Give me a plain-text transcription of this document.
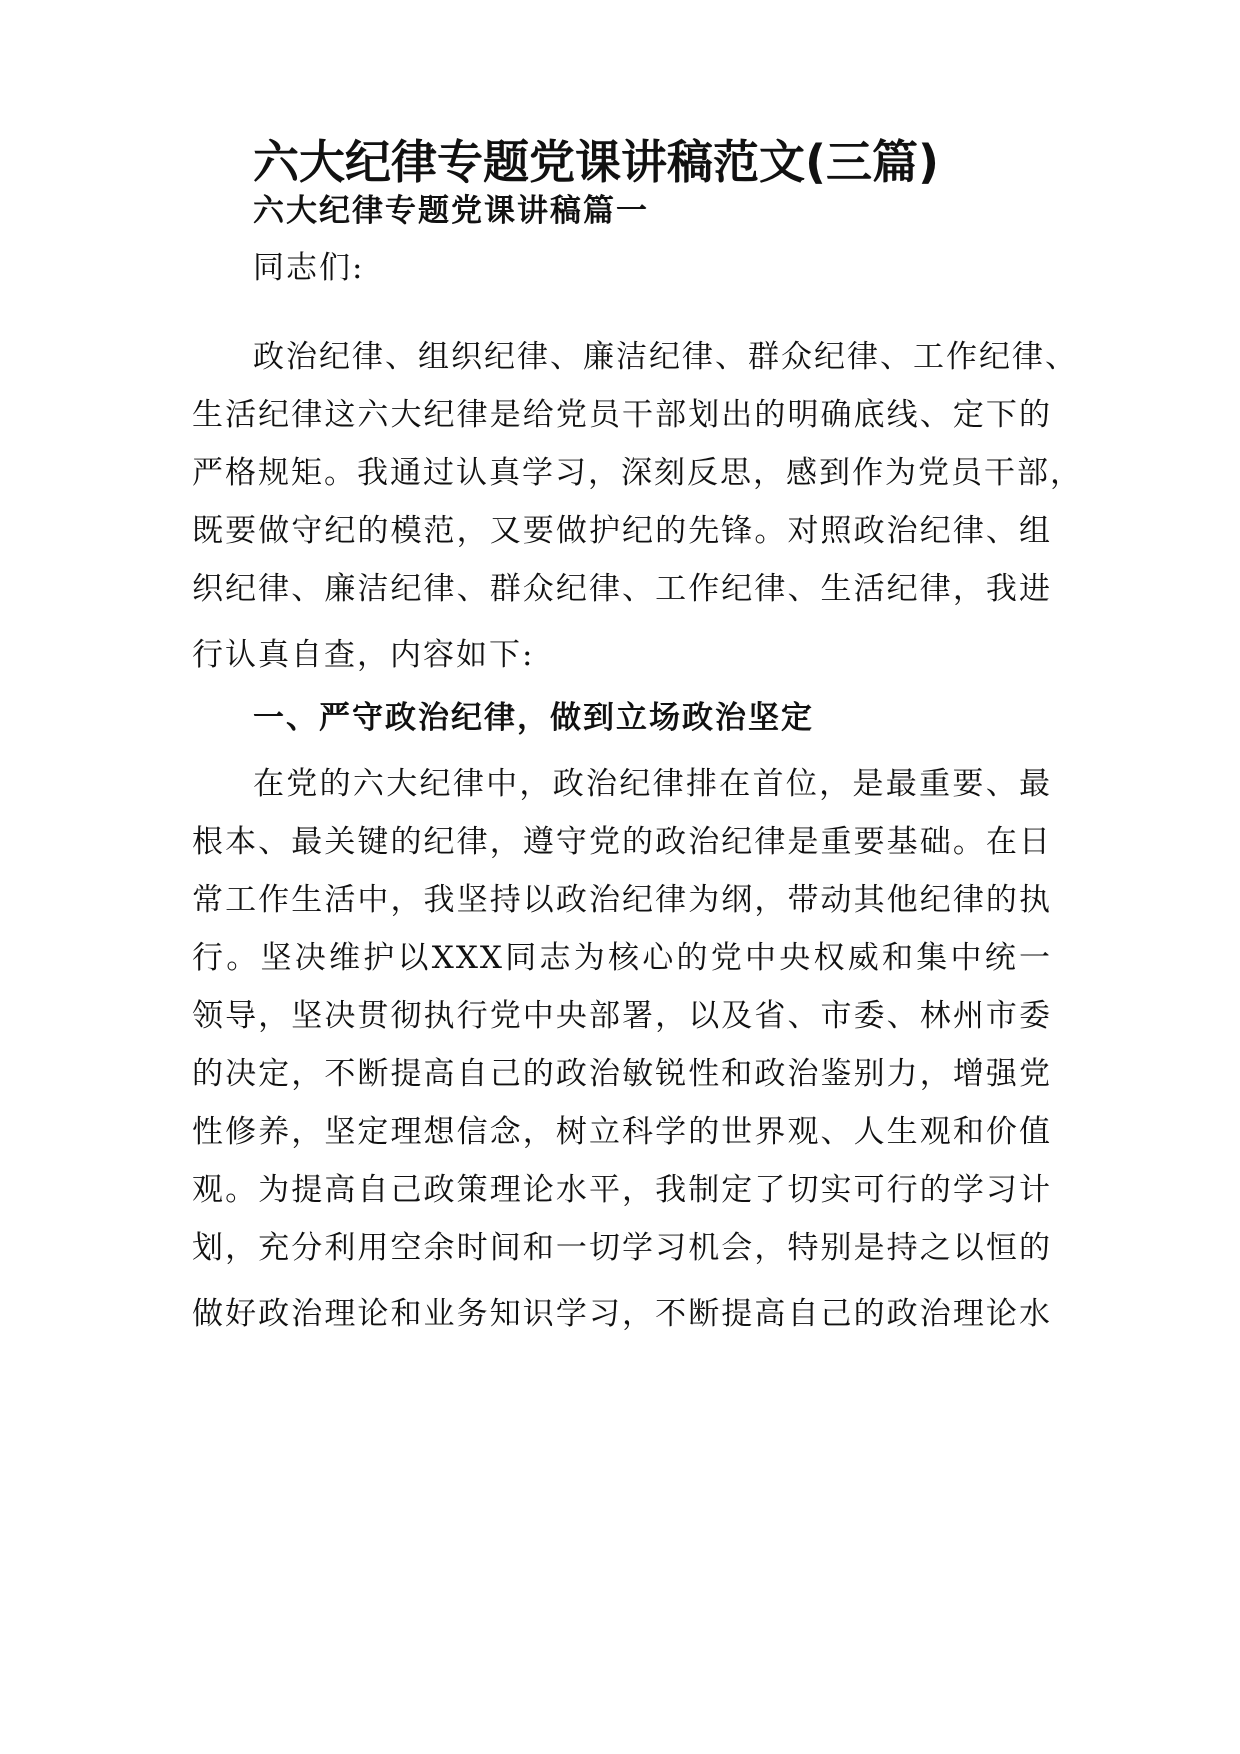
六大纪律专题党课讲稿范文(三篇)
六大纪律专题党课讲稿篇一
同志们:
政治纪律、组织纪律、廉洁纪律、群众纪律、工作纪律、
生活纪律这六大纪律是给党员干部划出的明确底线、定下的
严格规矩。我通过认真学习，深刻反思，感到作为党员干部，
既要做守纪的模范，又要做护纪的先锋。对照政治纪律、组
织纪律、廉洁纪律、群众纪律、工作纪律、生活纪律，我进
行认真自查，内容如下:
一、严守政治纪律，做到立场政治坚定
在党的六大纪律中，政治纪律排在首位，是最重要、最
根本、最关键的纪律，遵守党的政治纪律是重要基础。在日
常工作生活中，我坚持以政治纪律为纲，带动其他纪律的执
行。坚决维护以XXX同志为核心的党中央权威和集中统一
领导，坚决贯彻执行党中央部署，以及省、市委、林州市委
的决定，不断提高自己的政治敏锐性和政治鉴别力，增强党
性修养，坚定理想信念，树立科学的世界观、人生观和价值
观。为提高自己政策理论水平，我制定了切实可行的学习计
划，充分利用空余时间和一切学习机会，特别是持之以恒的
做好政治理论和业务知识学习，不断提高自己的政治理论水
